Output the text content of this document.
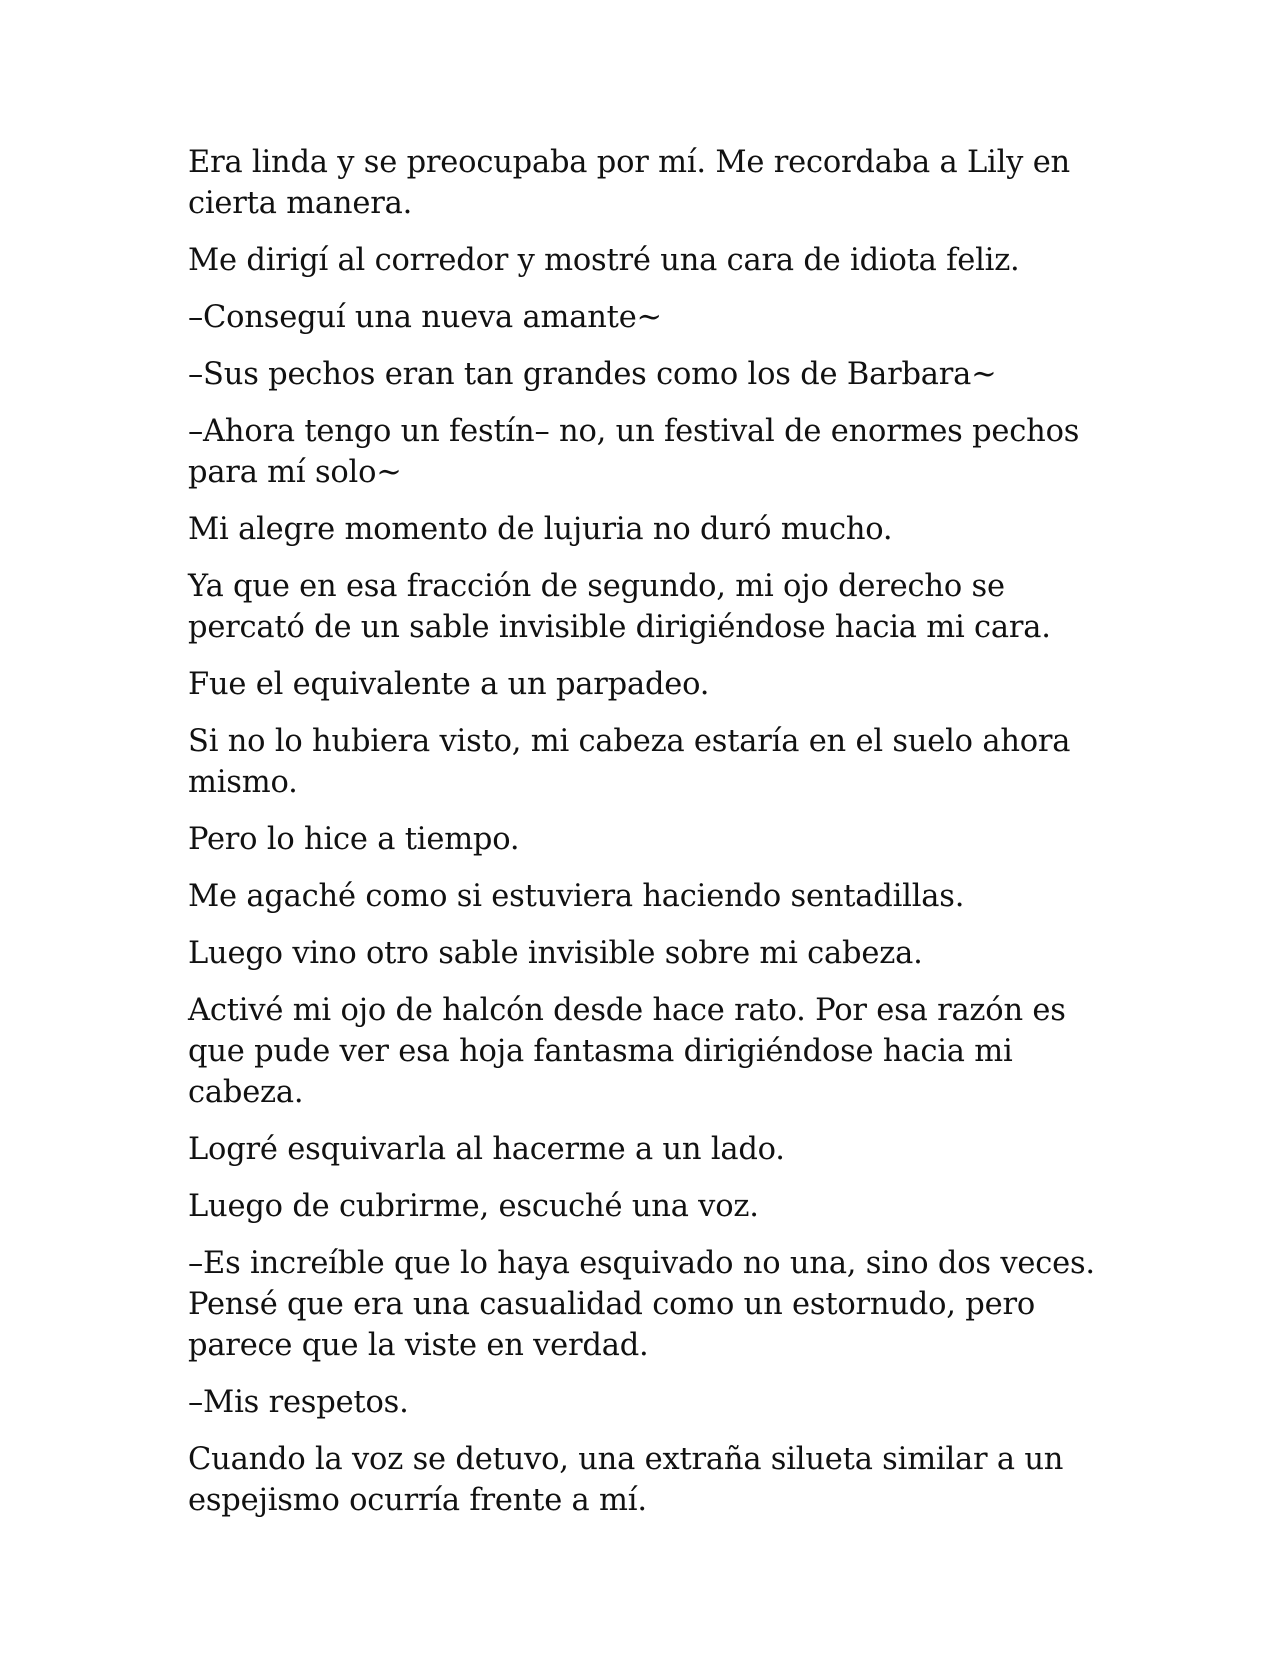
Era linda y se preocupaba por mí. Me recordaba a Lily en cierta manera.

Me dirigí al corredor y mostré una cara de idiota feliz.

–Conseguí una nueva amante~

–Sus pechos eran tan grandes como los de Barbara~

–Ahora tengo un festín– no, un festival de enormes pechos para mí solo~

Mi alegre momento de lujuria no duró mucho.

Ya que en esa fracción de segundo, mi ojo derecho se percató de un sable invisible dirigiéndose hacia mi cara.

Fue el equivalente a un parpadeo.

Si no lo hubiera visto, mi cabeza estaría en el suelo ahora mismo.

Pero lo hice a tiempo.

Me agaché como si estuviera haciendo sentadillas.

Luego vino otro sable invisible sobre mi cabeza.

Activé mi ojo de halcón desde hace rato. Por esa razón es que pude ver esa hoja fantasma dirigiéndose hacia mi cabeza.

Logré esquivarla al hacerme a un lado.

Luego de cubrirme, escuché una voz.

–Es increíble que lo haya esquivado no una, sino dos veces. Pensé que era una casualidad como un estornudo, pero parece que la viste en verdad.

–Mis respetos.

Cuando la voz se detuvo, una extraña silueta similar a un espejismo ocurría frente a mí.
